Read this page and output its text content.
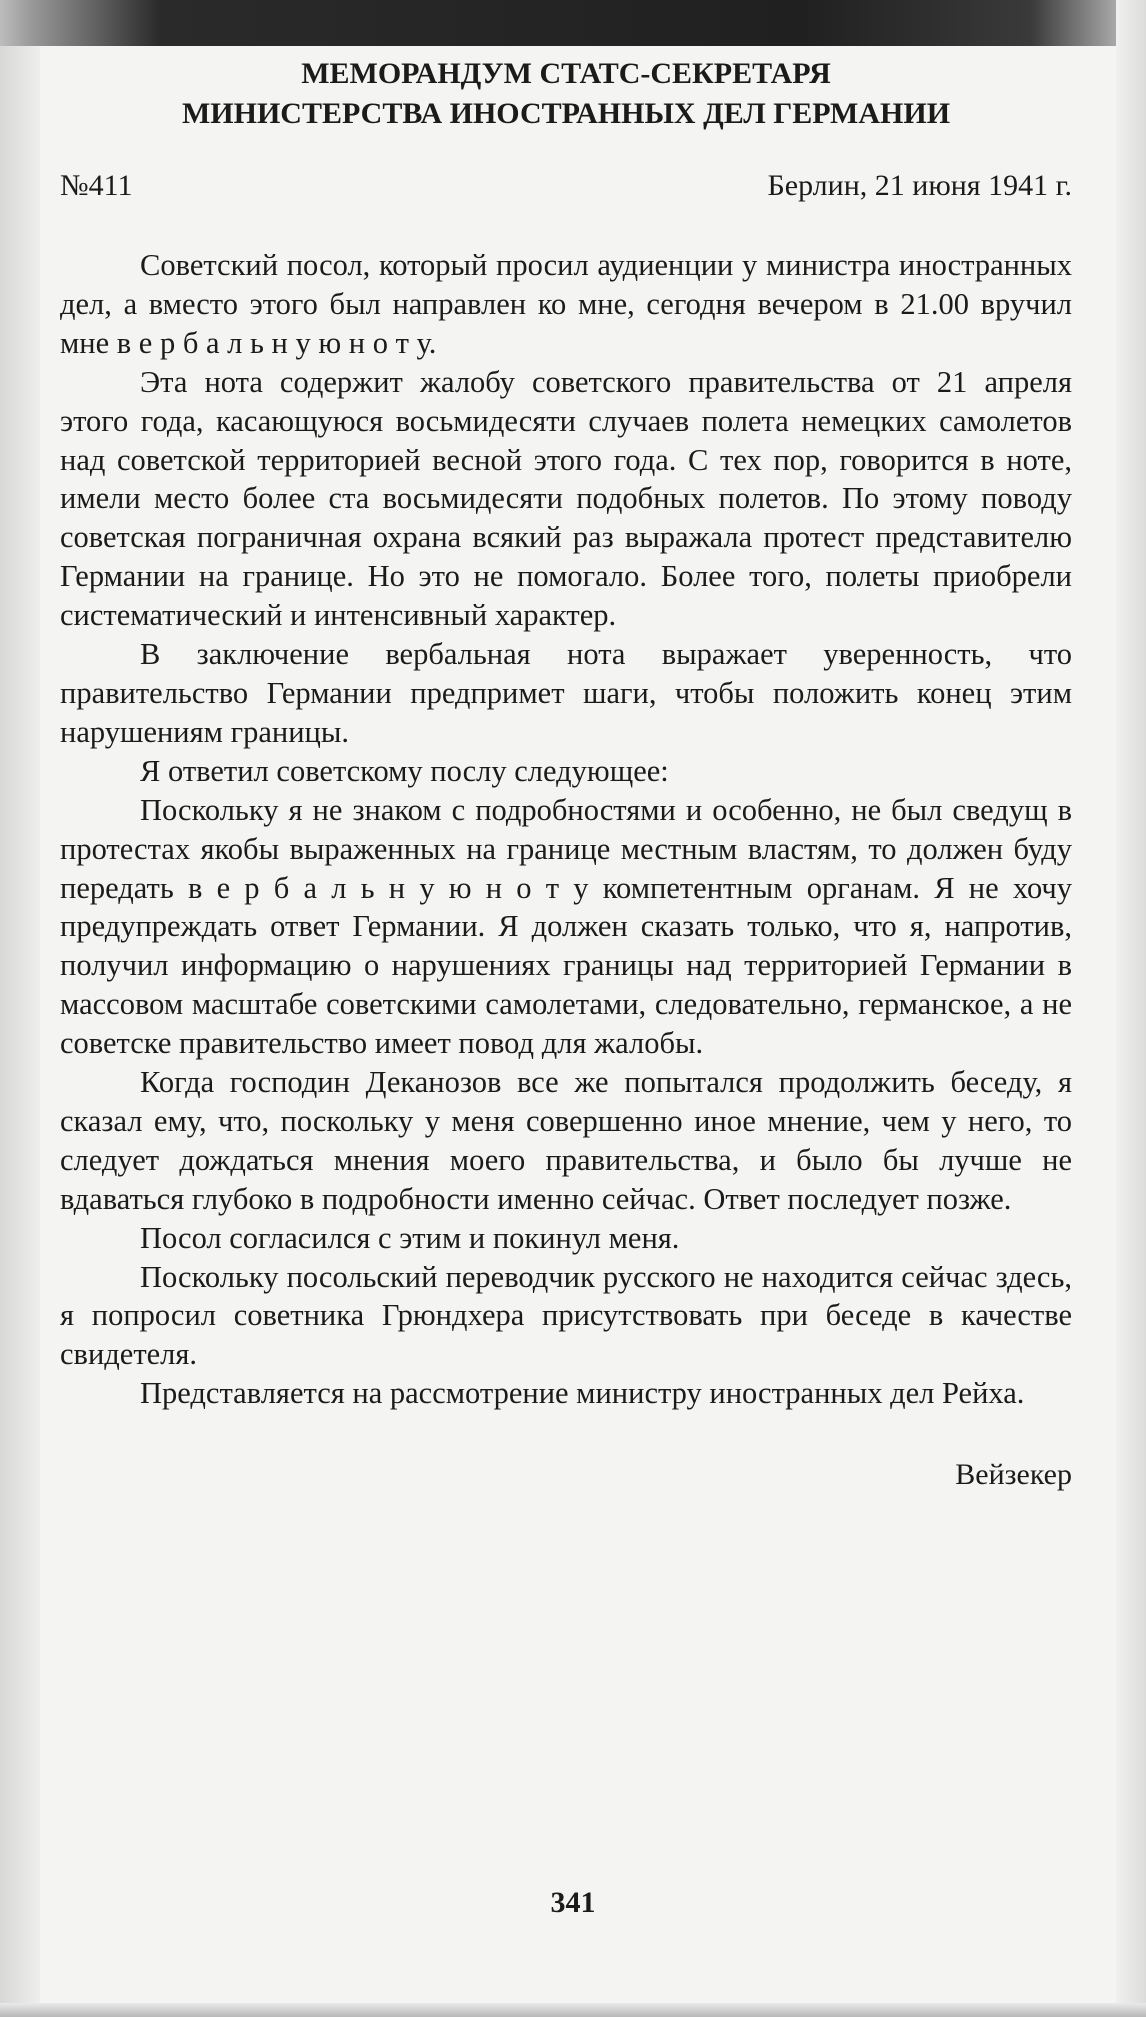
МЕМОРАНДУМ СТАТС-СЕКРЕТАРЯ
МИНИСТЕРСТВА ИНОСТРАННЫХ ДЕЛ ГЕРМАНИИ
№411	Берлин, 21 июня 1941 г.

Советский посол, который просил аудиенции у министра иностранных дел, а вместо этого был направлен ко мне, сегодня вечером в 21.00 вручил мне в е р б а л ь н у ю н о т у.

Эта нота содержит жалобу советского правительства от 21 апреля этого года, касающуюся восьмидесяти случаев полета немецких самолетов над советской территорией весной этого года. С тех пор, говорится в ноте, имели место более ста восьмидесяти подобных полетов. По этому поводу советская пограничная охрана всякий раз выражала протест представителю Германии на границе. Но это не помогало. Более того, полеты приобрели систематический и интенсивный характер.

В заключение вербальная нота выражает уверенность, что правительство Германии предпримет шаги, чтобы положить конец этим нарушениям границы.

Я ответил советскому послу следующее:

Поскольку я не знаком с подробностями и особенно, не был сведущ в протестах якобы выраженных на границе местным властям, то должен буду передать в е р б а л ь н у ю н о т у компетентным органам. Я не хочу предупреждать ответ Германии. Я должен сказать только, что я, напротив, получил информацию о нарушениях границы над территорией Германии в массовом масштабе советскими самолетами, следовательно, германское, а не советске правительство имеет повод для жалобы.

Когда господин Деканозов все же попытался продолжить беседу, я сказал ему, что, поскольку у меня совершенно иное мнение, чем у него, то следует дождаться мнения моего правительства, и было бы лучше не вдаваться глубоко в подробности именно сейчас. Ответ последует позже.

Посол согласился с этим и покинул меня.

Поскольку посольский переводчик русского не находится сейчас здесь, я попросил советника Грюндхера присутствовать при беседе в качестве свидетеля.

Представляется на рассмотрение министру иностранных дел Рейха.

Вейзекер
341
